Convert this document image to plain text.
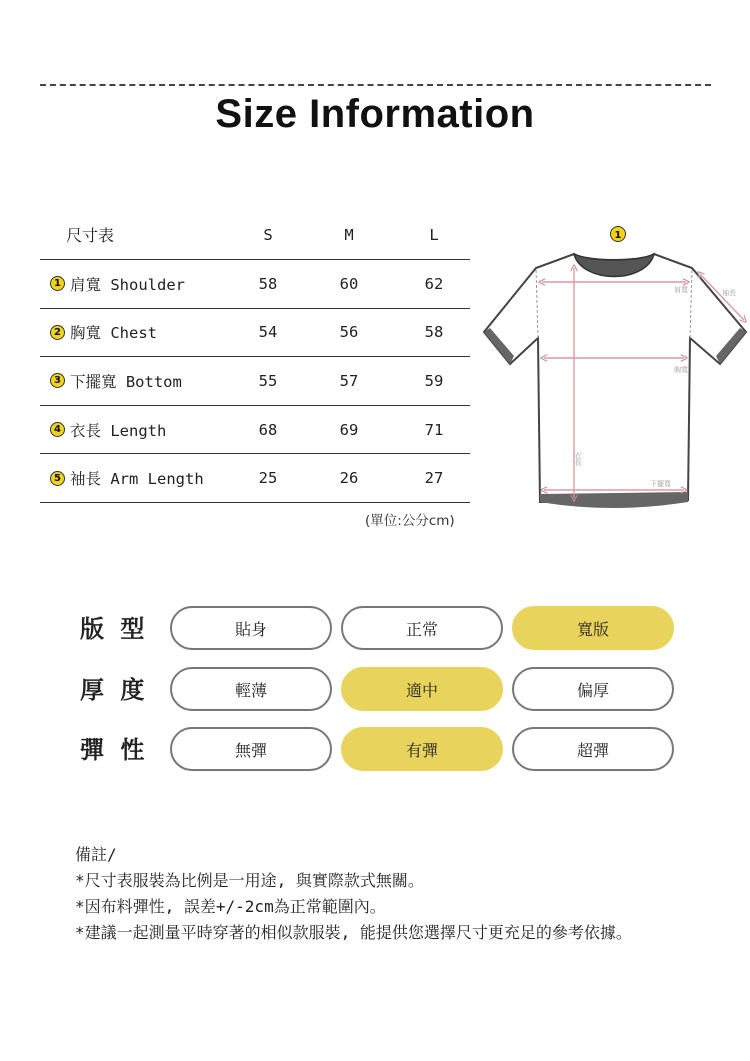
Size Information
尺寸表	S	M	L
1 肩寬 Shoulder	58	60	62
2 胸寬 Chest	54	56	58
3 下擺寬 Bottom	55	57	59
4 衣長 Length	68	69	71
5 袖長 Arm Length	25	26	27
(單位:公分cm)
肩寬	袖長
胸寬
衣長
下擺寬
1
版 型	貼身	正常	寬版
厚 度	輕薄	適中	偏厚
彈 性	無彈	有彈	超彈
備註/
*尺寸表服裝為比例是一用途, 與實際款式無關。
*因布料彈性, 誤差+/-2cm為正常範圍內。
*建議一起測量平時穿著的相似款服裝, 能提供您選擇尺寸更充足的參考依據。
